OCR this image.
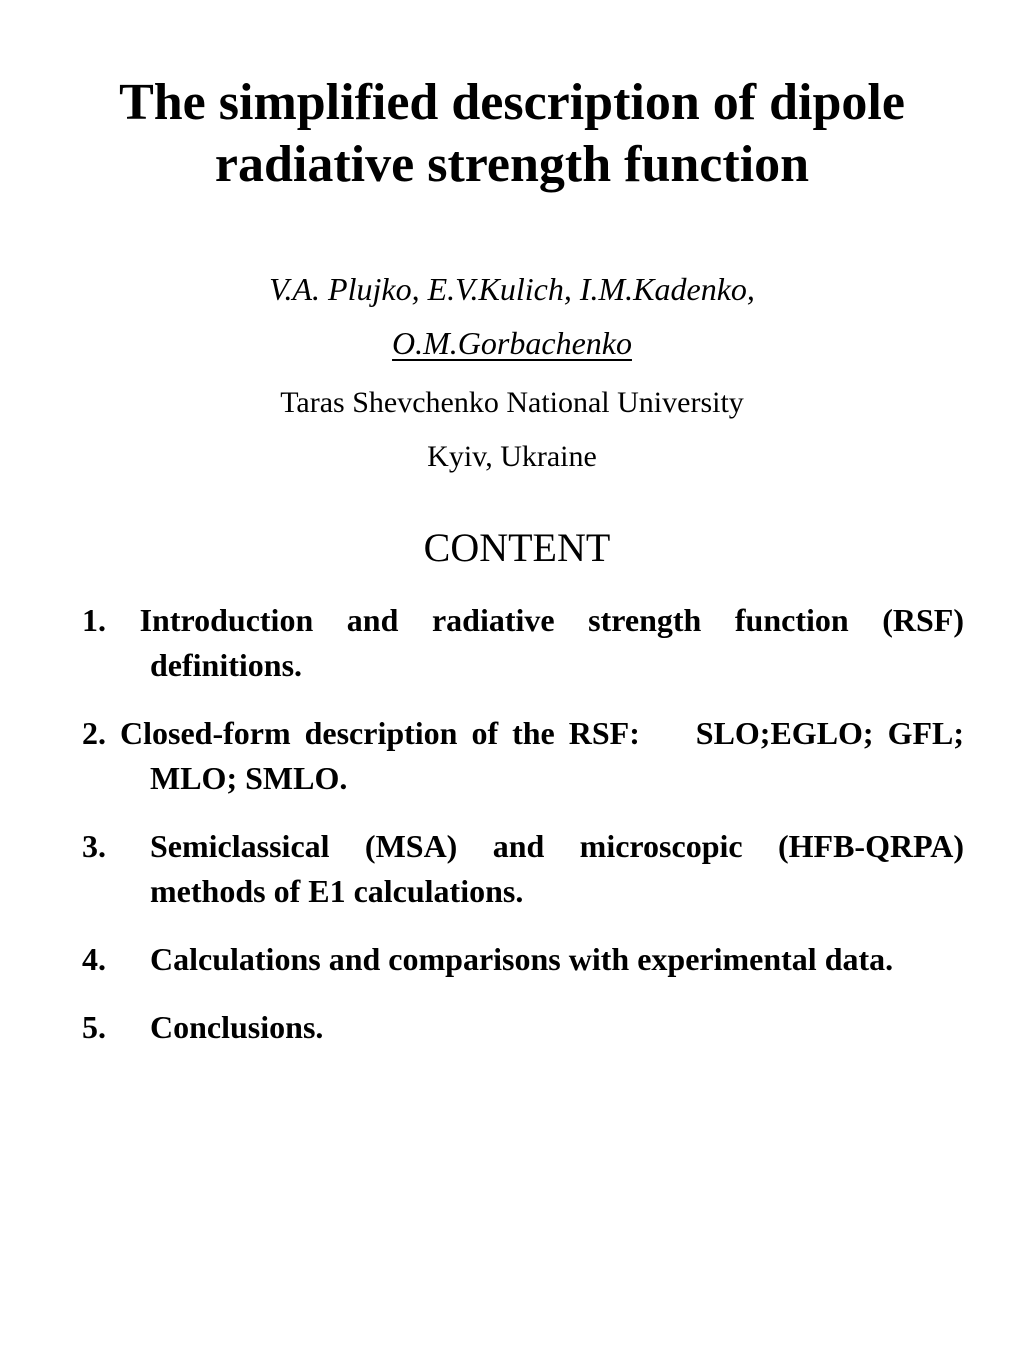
The simplified description of dipole
radiative strength function
V.A. Plujko, E.V.Kulich, I.M.Kadenko,
O.M.Gorbachenko
Taras Shevchenko National University
Kyiv, Ukraine
CONTENT
1. Introduction and radiative strength function (RSF) definitions.
2. Closed-form description of the RSF:    SLO;EGLO; GFL; MLO; SMLO.
3. Semiclassical (MSA) and microscopic (HFB-QRPA) methods of E1 calculations.
4. Calculations and comparisons with experimental data.
5. Conclusions.
